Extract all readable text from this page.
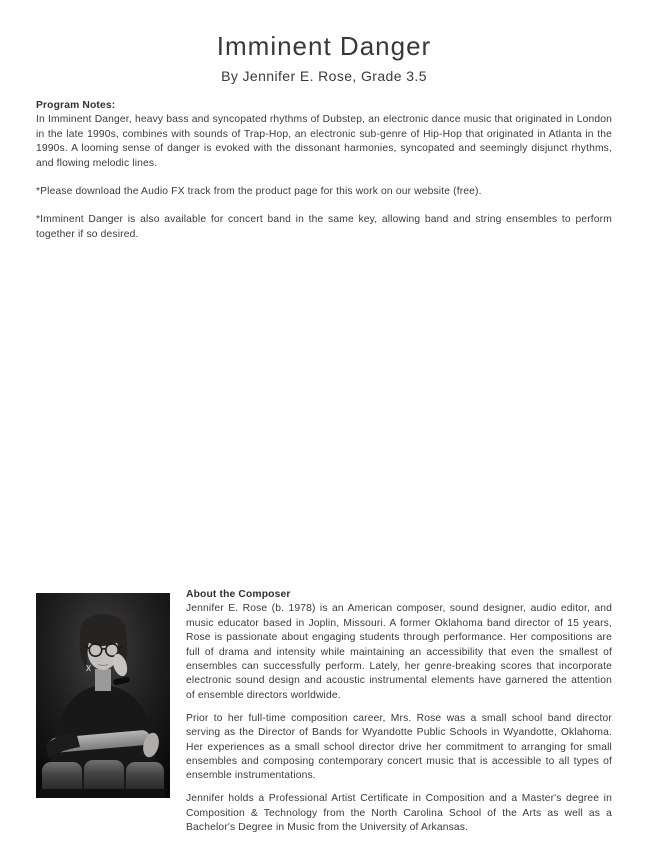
Imminent Danger
By Jennifer E. Rose, Grade 3.5

Program Notes:

In Imminent Danger, heavy bass and syncopated rhythms of Dubstep, an electronic dance music that originated in London in the late 1990s, combines with sounds of Trap-Hop, an electronic sub-genre of Hip-Hop that originated in Atlanta in the 1990s. A looming sense of danger is evoked with the dissonant harmonies, syncopated and seemingly disjunct rhythms, and flowing melodic lines.

*Please download the Audio FX track from the product page for this work on our website (free).

*Imminent Danger is also available for concert band in the same key, allowing band and string ensembles to perform together if so desired.

About the Composer

Jennifer E. Rose (b. 1978) is an American composer, sound designer, audio editor, and music educator based in Joplin, Missouri. A former Oklahoma band director of 15 years, Rose is passionate about engaging students through performance. Her compositions are full of drama and intensity while maintaining an accessibility that even the smallest of ensembles can successfully perform. Lately, her genre-breaking scores that incorporate electronic sound design and acoustic instrumental elements have garnered the attention of ensemble directors worldwide.

Prior to her full-time composition career, Mrs. Rose was a small school band director serving as the Director of Bands for Wyandotte Public Schools in Wyandotte, Oklahoma. Her experiences as a small school director drive her commitment to arranging for small ensembles and composing contemporary concert music that is accessible to all types of ensemble instrumentations.

Jennifer holds a Professional Artist Certificate in Composition and a Master's degree in Composition & Technology from the North Carolina School of the Arts as well as a Bachelor's Degree in Music from the University of Arkansas.
